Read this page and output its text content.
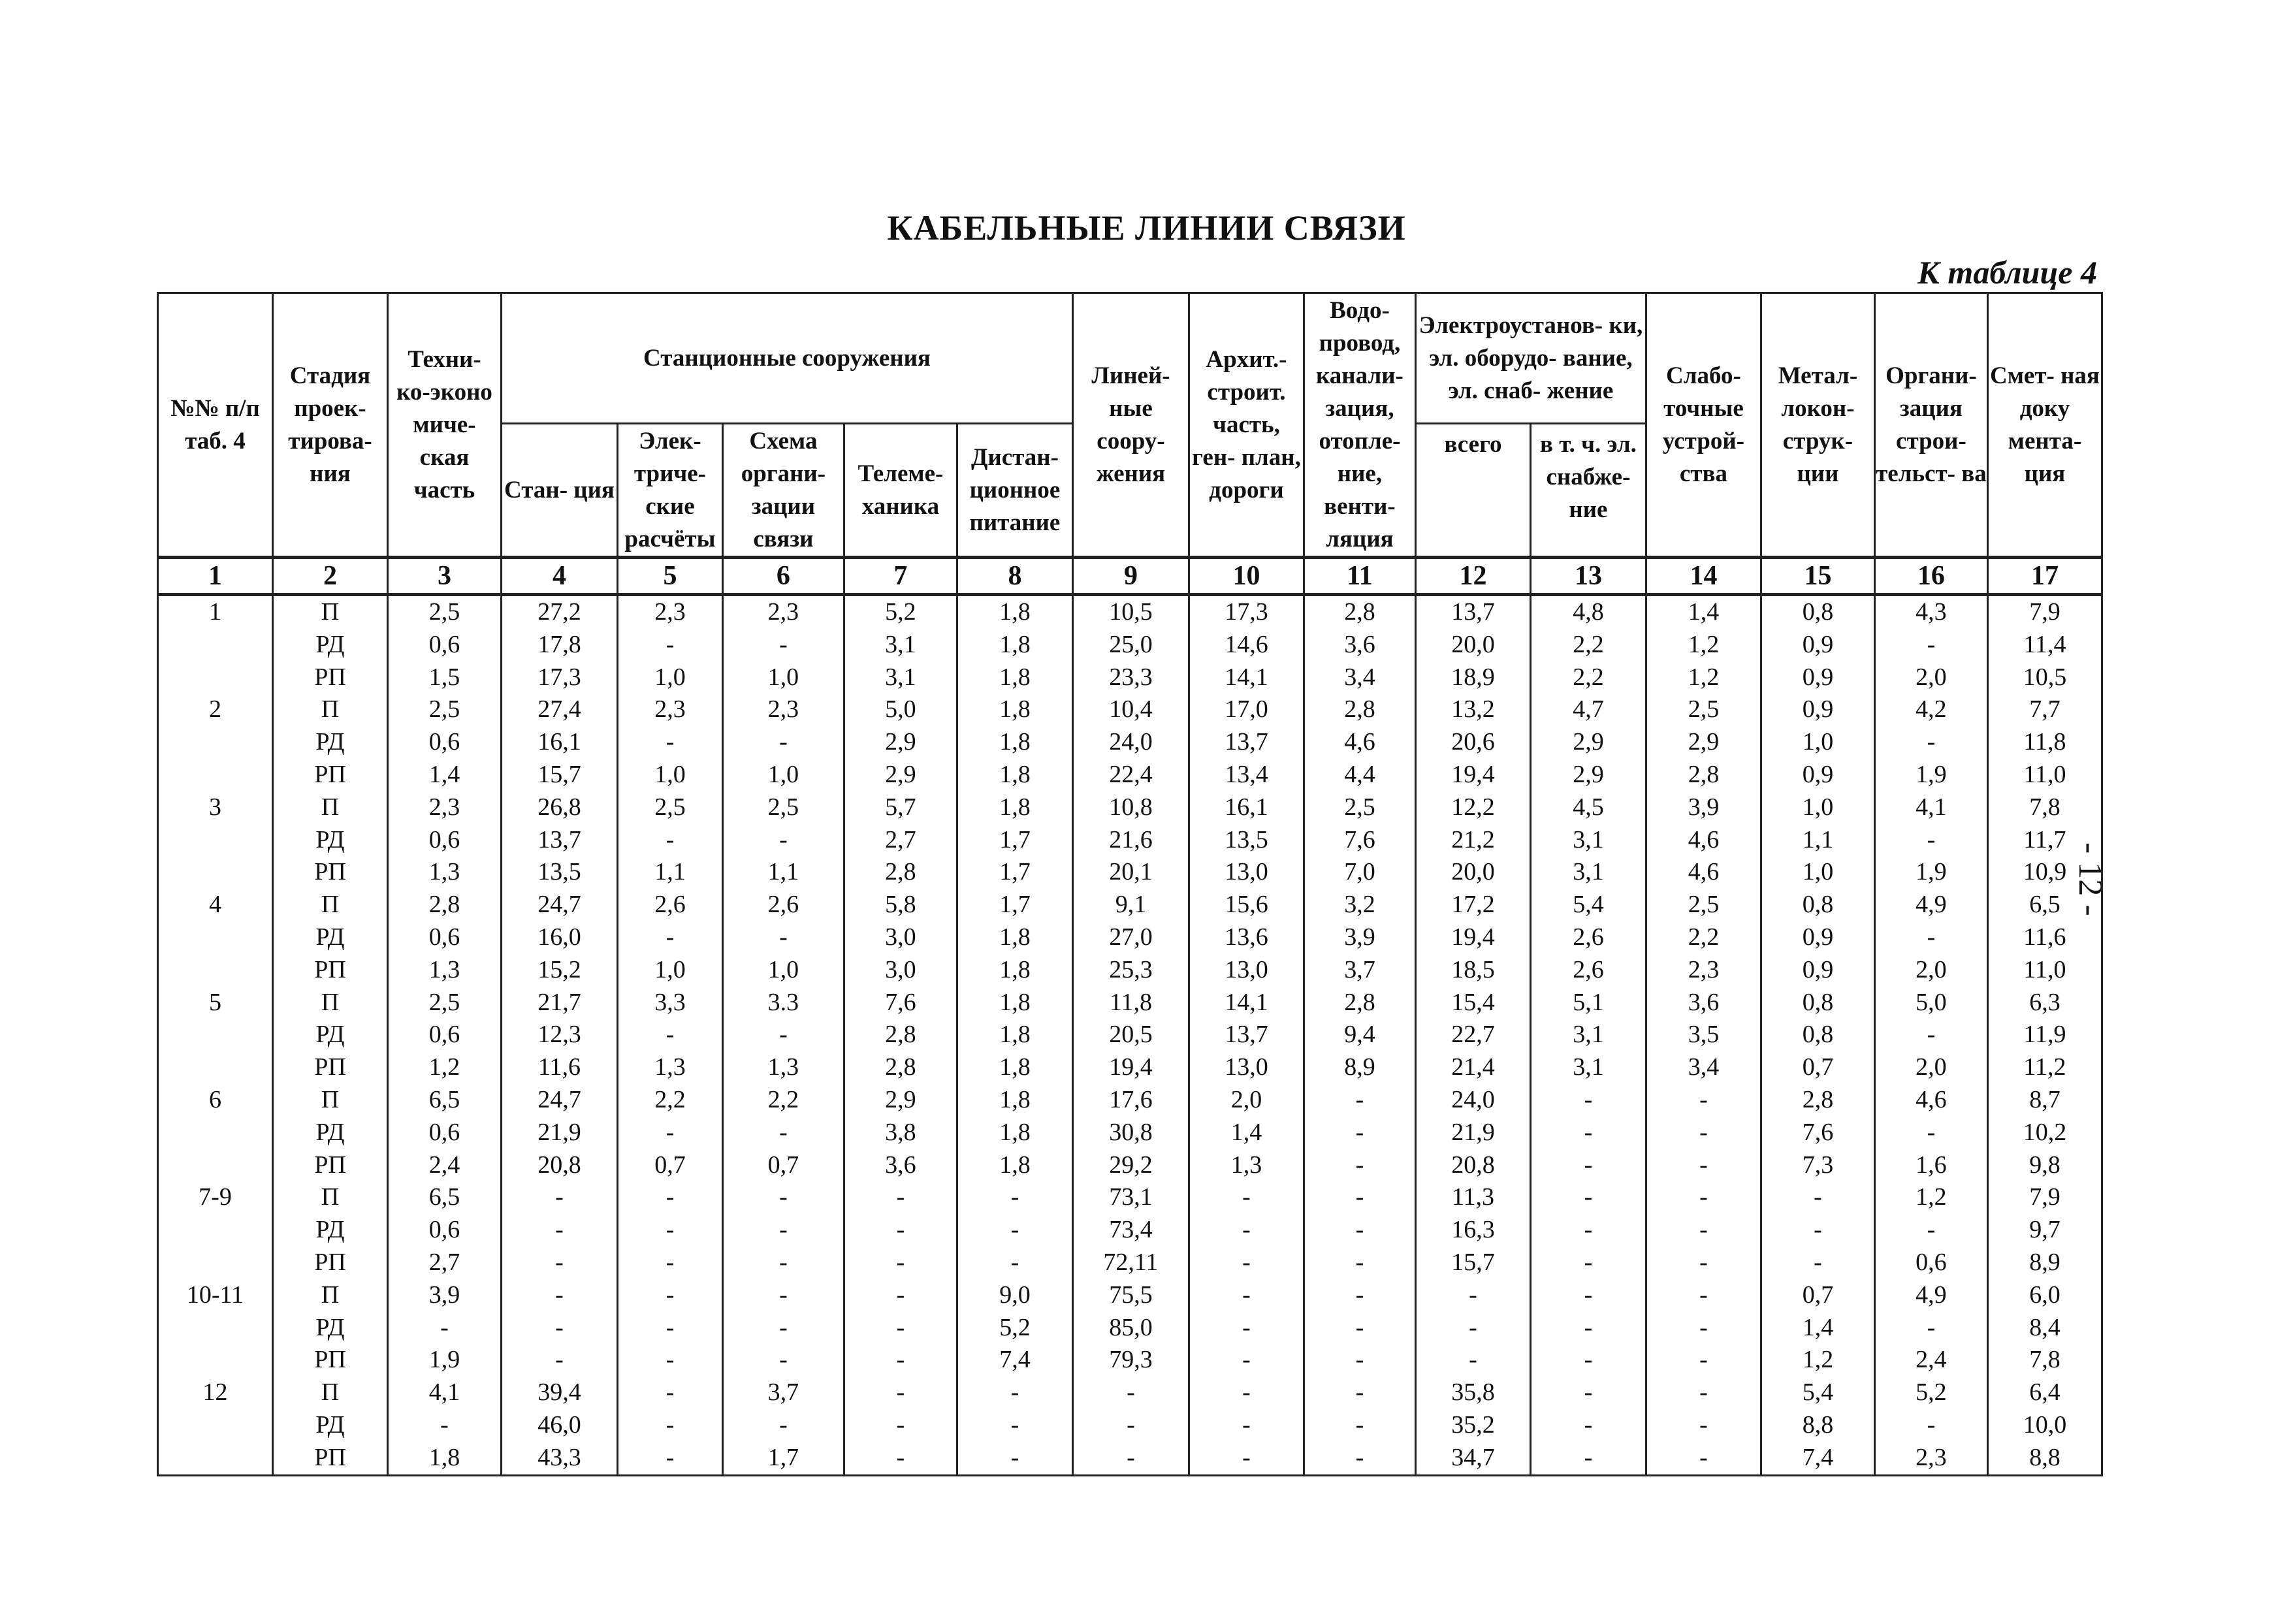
КАБЕЛЬНЫЕ ЛИНИИ СВЯЗИ
К таблице 4
- 12 -
№№ п/п таб. 4	Стадия проек- тирова- ния	Техни- ко-эконо миче- ская часть	Станционные сооружения					Линей- ные соору- жения	Архит.- строит. часть, ген- план, дороги	Водо- провод, канали- зация, отопле- ние, венти- ляция	Электроустанов- ки, эл. оборудо- вание, эл. снаб- жение		Слабо- точные устрой- ства	Метал- локон- струк- ции	Органи- зация строи- тельст- ва	Смет- ная доку мента- ция
			Стан- ция	Элек- триче- ские расчёты	Схема органи- зации связи	Телеме- ханика	Дистан- ционное питание				всего	в т. ч. эл. снабже- ние				
1	2	3	4	5	6	7	8	9	10	11	12	13	14	15	16	17
1	П	2,5	27,2	2,3	2,3	5,2	1,8	10,5	17,3	2,8	13,7	4,8	1,4	0,8	4,3	7,9
	РД	0,6	17,8	-	-	3,1	1,8	25,0	14,6	3,6	20,0	2,2	1,2	0,9	-	11,4
	РП	1,5	17,3	1,0	1,0	3,1	1,8	23,3	14,1	3,4	18,9	2,2	1,2	0,9	2,0	10,5
2	П	2,5	27,4	2,3	2,3	5,0	1,8	10,4	17,0	2,8	13,2	4,7	2,5	0,9	4,2	7,7
	РД	0,6	16,1	-	-	2,9	1,8	24,0	13,7	4,6	20,6	2,9	2,9	1,0	-	11,8
	РП	1,4	15,7	1,0	1,0	2,9	1,8	22,4	13,4	4,4	19,4	2,9	2,8	0,9	1,9	11,0
3	П	2,3	26,8	2,5	2,5	5,7	1,8	10,8	16,1	2,5	12,2	4,5	3,9	1,0	4,1	7,8
	РД	0,6	13,7	-	-	2,7	1,7	21,6	13,5	7,6	21,2	3,1	4,6	1,1	-	11,7
	РП	1,3	13,5	1,1	1,1	2,8	1,7	20,1	13,0	7,0	20,0	3,1	4,6	1,0	1,9	10,9
4	П	2,8	24,7	2,6	2,6	5,8	1,7	9,1	15,6	3,2	17,2	5,4	2,5	0,8	4,9	6,5
	РД	0,6	16,0	-	-	3,0	1,8	27,0	13,6	3,9	19,4	2,6	2,2	0,9	-	11,6
	РП	1,3	15,2	1,0	1,0	3,0	1,8	25,3	13,0	3,7	18,5	2,6	2,3	0,9	2,0	11,0
5	П	2,5	21,7	3,3	3.3	7,6	1,8	11,8	14,1	2,8	15,4	5,1	3,6	0,8	5,0	6,3
	РД	0,6	12,3	-	-	2,8	1,8	20,5	13,7	9,4	22,7	3,1	3,5	0,8	-	11,9
	РП	1,2	11,6	1,3	1,3	2,8	1,8	19,4	13,0	8,9	21,4	3,1	3,4	0,7	2,0	11,2
6	П	6,5	24,7	2,2	2,2	2,9	1,8	17,6	2,0	-	24,0	-	-	2,8	4,6	8,7
	РД	0,6	21,9	-	-	3,8	1,8	30,8	1,4	-	21,9	-	-	7,6	-	10,2
	РП	2,4	20,8	0,7	0,7	3,6	1,8	29,2	1,3	-	20,8	-	-	7,3	1,6	9,8
7-9	П	6,5	-	-	-	-	-	73,1	-	-	11,3	-	-	-	1,2	7,9
	РД	0,6	-	-	-	-	-	73,4	-	-	16,3	-	-	-	-	9,7
	РП	2,7	-	-	-	-	-	72,11	-	-	15,7	-	-	-	0,6	8,9
10-11	П	3,9	-	-	-	-	9,0	75,5	-	-	-	-	-	0,7	4,9	6,0
	РД	-	-	-	-	-	5,2	85,0	-	-	-	-	-	1,4	-	8,4
	РП	1,9	-	-	-	-	7,4	79,3	-	-	-	-	-	1,2	2,4	7,8
12	П	4,1	39,4	-	3,7	-	-	-	-	-	35,8	-	-	5,4	5,2	6,4
	РД	-	46,0	-	-	-	-	-	-	-	35,2	-	-	8,8	-	10,0
	РП	1,8	43,3	-	1,7	-	-	-	-	-	34,7	-	-	7,4	2,3	8,8
